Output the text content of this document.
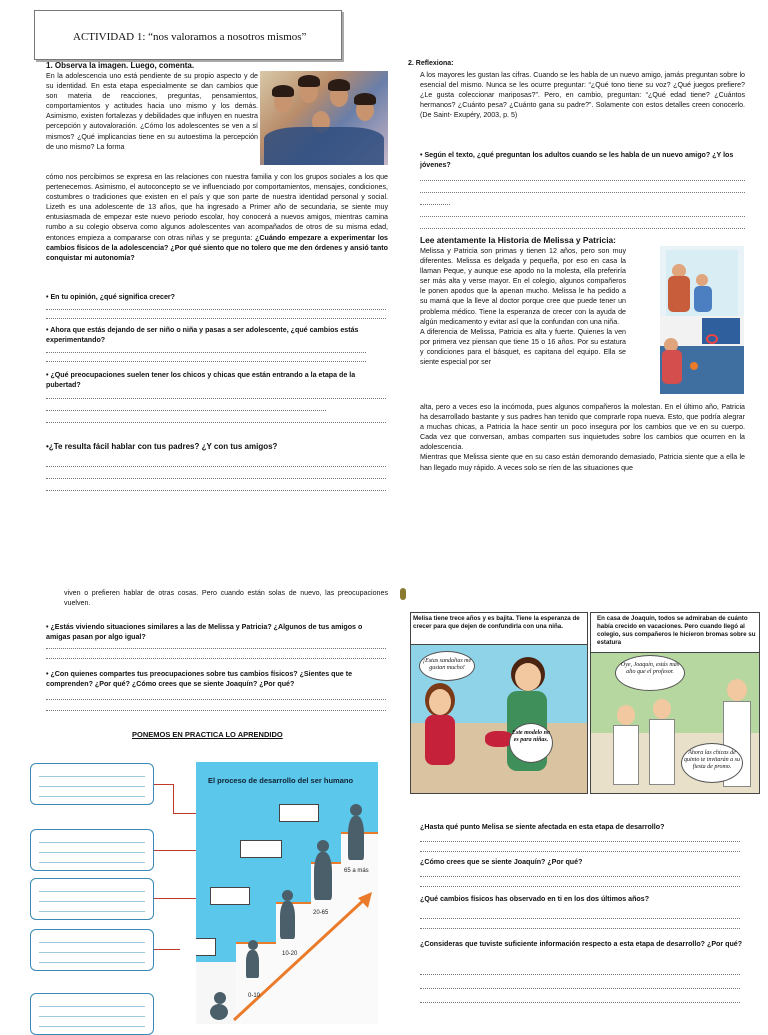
ACTIVIDAD 1: “nos valoramos a nosotros mismos”
1. Observa la imagen. Luego, comenta.
En la adolescencia uno está pendiente de su propio aspecto y de su identidad. En esta etapa especialmente se dan cambios que son materia de reacciones, preguntas, pensamientos, comportamientos y actitudes hacia uno mismo y los demás. Asimismo, existen fortalezas y debilidades que influyen en nuestra percepción y autovaloración. ¿Cómo los adolescentes se ven a sí mismos? ¿Qué implicancias tiene en su autoestima la percepción de uno mismo? La forma
cómo nos percibimos se expresa en las relaciones con nuestra familia y con los grupos sociales a los que pertenecemos. Asimismo, el autoconcepto se ve influenciado por comportamientos, mensajes, condiciones, costumbres o tradiciones que existen en el país y que son parte de nuestra identidad personal y social. Lizeth es una adolescente de 13 años, que ha ingresado a Primer año de secundaria, se siente muy entusiasmada de empezar este nuevo periodo escolar, hoy conocerá a nuevos amigos, mientras camina rumbo a su colegio observa como algunos adolescentes van acompañados de otros de su misma edad, entonces empieza a compararse con otras niñas y se pregunta: ¿Cuándo empezare a experimentar los cambios físicos de la adolescencia? ¿Por qué siento que no tolero que me den órdenes y ansió tanto conquistar mi autonomía?
• En tu opinión, ¿qué significa crecer?
• Ahora que estás dejando de ser niño o niña y pasas a ser adolescente, ¿qué cambios estás experimentando?
• ¿Qué preocupaciones suelen tener los chicos y chicas que están entrando a la etapa de la pubertad?
•¿Te resulta fácil hablar con tus padres? ¿Y con tus amigos?
2. Reflexiona:
A los mayores les gustan las cifras. Cuando se les habla de un nuevo amigo, jamás preguntan sobre lo esencial del mismo. Nunca se les ocurre preguntar: “¿Qué tono tiene su voz? ¿Qué juegos prefiere? ¿Le gusta coleccionar mariposas?”. Pero, en cambio, preguntan: “¿Qué edad tiene? ¿Cuántos hermanos? ¿Cuánto pesa? ¿Cuánto gana su padre?”. Solamente con estos detalles creen conocerlo. (De Saint- Exupéry, 2003, p. 5)
• Según el texto, ¿qué preguntan los adultos cuando se les habla de un nuevo amigo? ¿Y los jóvenes?
Lee atentamente la Historia de Melissa y Patricia:
Melissa y Patricia son primas y tienen 12 años, pero son muy diferentes. Melissa es delgada y pequeña, por eso en casa la llaman Peque, y aunque ese apodo no la molesta, ella preferiría ser más alta y verse mayor. En el colegio, algunos compañeros le ponen apodos que la apenan mucho. Melissa le ha pedido a su mamá que la lleve al doctor porque cree que puede tener un problema médico. Tiene la esperanza de crecer con la ayuda de algún medicamento y evitar así que la confundan con una niña.
A diferencia de Melissa, Patricia es alta y fuerte. Quienes la ven por primera vez piensan que tiene 15 o 16 años. Por su estatura y condiciones para el básquet, es capitana del equipo. Ella se siente especial por ser
alta, pero a veces eso la incómoda, pues algunos compañeros la molestan. En el último año, Patricia ha desarrollado bastante y sus padres han tenido que comprarle ropa nueva. Esto, que podría alegrar a muchas chicas, a Patricia la hace sentir un poco insegura por los cambios que ve en su cuerpo. Cada vez que conversan, ambas comparten sus inquietudes sobre los cambios que ocurren en la adolescencia.
Mientras que Melissa siente que en su caso están demorando demasiado, Patricia siente que a ella le han llegado muy rápido. A veces solo se ríen de las situaciones que
viven o prefieren hablar de otras cosas. Pero cuando están solas de nuevo, las preocupaciones vuelven.
• ¿Estás viviendo situaciones similares a las de Melissa y Patricia? ¿Algunos de tus amigos o amigas pasan por algo igual?
• ¿Con quienes compartes tus preocupaciones sobre tus cambios físicos? ¿Sientes que te comprenden? ¿Por qué? ¿Cómo crees que se siente Joaquín? ¿Por qué?
PONEMOS EN PRACTICA LO APRENDIDO
El proceso de desarrollo del ser humano
0-10
10-20
20-65
65 a más
Melisa tiene trece años y es bajita. Tiene la esperanza de crecer para que dejen de confundirla con una niña.
¡Estas sandalias me gustan mucho!
Este modelo no es para niñas.
En casa de Joaquín, todos se admiraban de cuánto había crecido en vacaciones. Pero cuando llegó al colegio, sus compañeros le hicieron bromas sobre su estatura
Oye, Joaquín, estás más alto que el profesor.
Ahora las chicas de quinto te invitarán a su fiesta de promo.
¿Hasta qué punto Melisa se siente afectada en esta etapa de desarrollo?
¿Cómo crees que se siente Joaquín? ¿Por qué?
¿Qué cambios físicos has observado en ti en los dos últimos años?
¿Consideras que tuviste suficiente información respecto a esta etapa de desarrollo? ¿Por qué?
